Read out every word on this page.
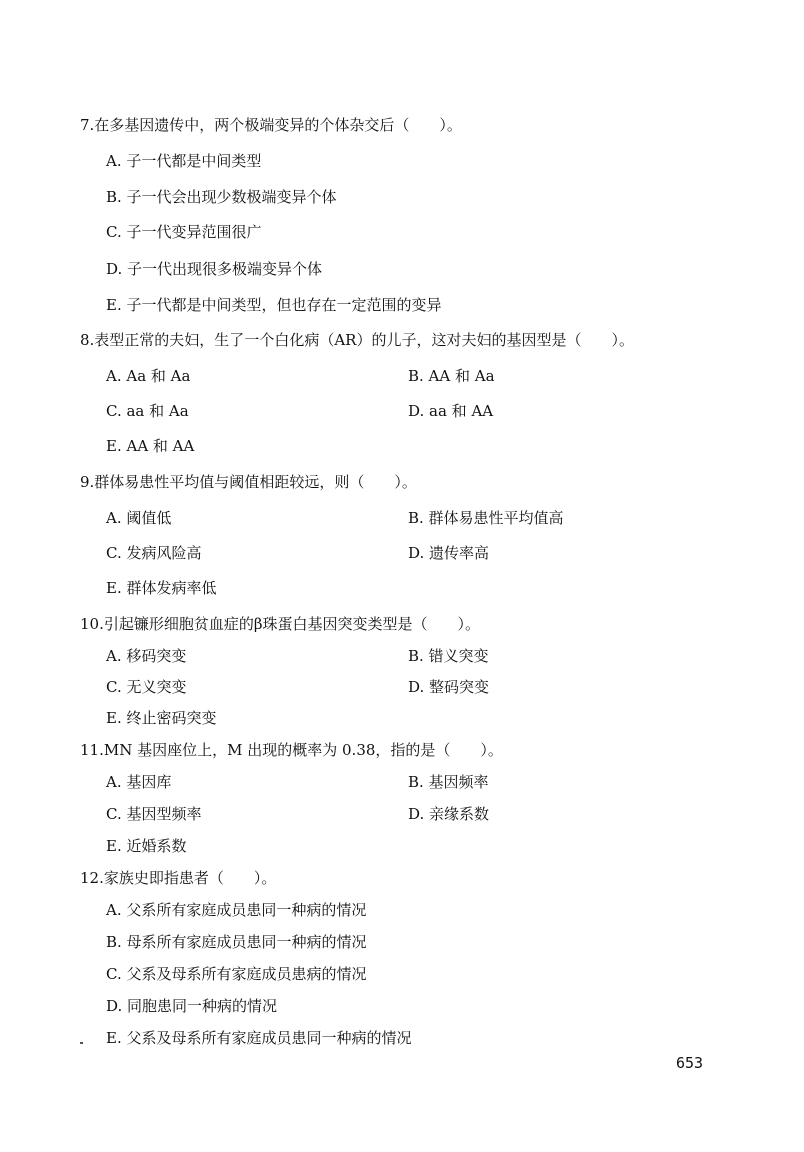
7.在多基因遗传中，两个极端变异的个体杂交后（　　）。
A. 子一代都是中间类型
B. 子一代会出现少数极端变异个体
C. 子一代变异范围很广
D. 子一代出现很多极端变异个体
E. 子一代都是中间类型，但也存在一定范围的变异
8.表型正常的夫妇，生了一个白化病（AR）的儿子，这对夫妇的基因型是（　　）。
A. Aa 和 Aa	B. AA 和 Aa
C. aa 和 Aa	D. aa 和 AA
E. AA 和 AA
9.群体易患性平均值与阈值相距较远，则（　　）。
A. 阈值低	B. 群体易患性平均值高
C. 发病风险高	D. 遗传率高
E. 群体发病率低
10.引起镰形细胞贫血症的β珠蛋白基因突变类型是（　　）。
A. 移码突变	B. 错义突变
C. 无义突变	D. 整码突变
E. 终止密码突变
11.MN 基因座位上，M 出现的概率为 0.38，指的是（　　）。
A. 基因库	B. 基因频率
C. 基因型频率	D. 亲缘系数
E. 近婚系数
12.家族史即指患者（　　）。
A. 父系所有家庭成员患同一种病的情况
B. 母系所有家庭成员患同一种病的情况
C. 父系及母系所有家庭成员患病的情况
D. 同胞患同一种病的情况
E. 父系及母系所有家庭成员患同一种病的情况
653
